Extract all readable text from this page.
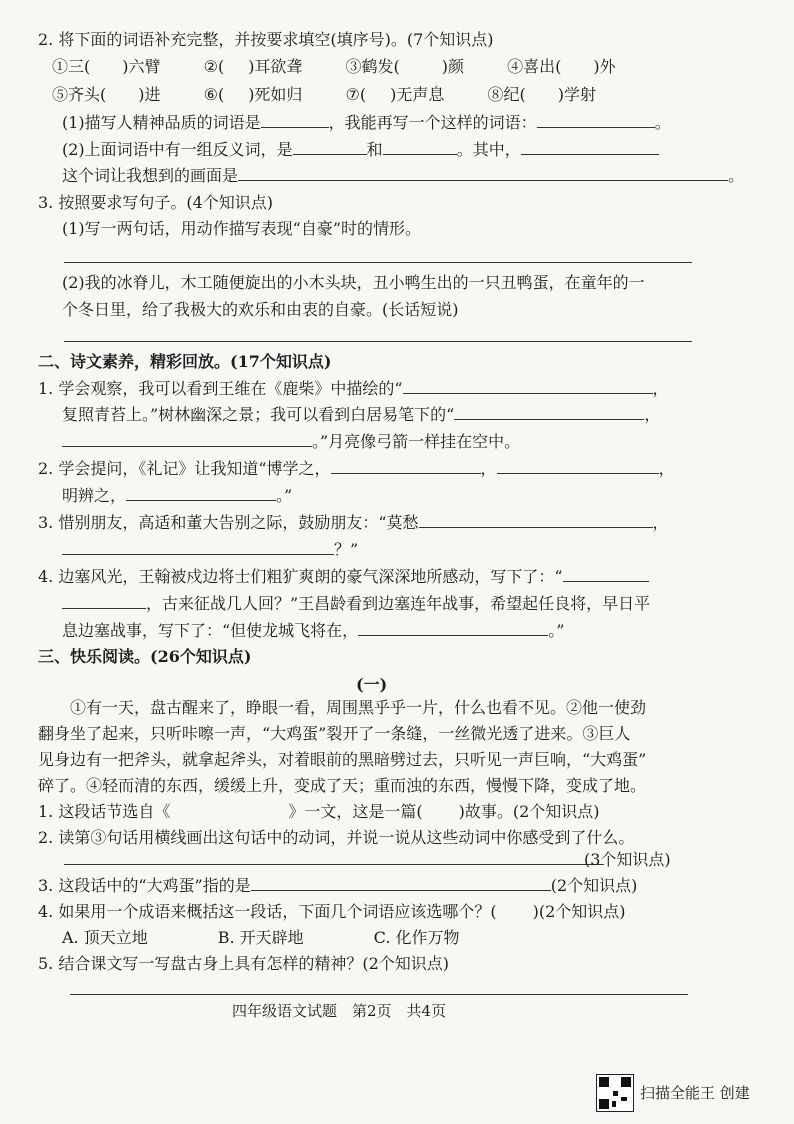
2. 将下面的词语补充完整，并按要求填空(填序号)。(7个知识点)
①三( )六臂	②( )耳欲聋	③鹤发(	)颜	④喜出( )外
⑤齐头( )进	⑥( )死如归	⑦( )无声息	⑧纪( )学射
(1)描写人精神品质的词语是	，我能再写一个这样的词语：	。
(2)上面词语中有一组反义词，是	和	。其中，
这个词让我想到的画面是	。
3. 按照要求写句子。(4个知识点)
(1)写一两句话，用动作描写表现“自豪”时的情形。
(2)我的冰脊儿，木工随便旋出的小木头块，丑小鸭生出的一只丑鸭蛋，在童年的一
个冬日里，给了我极大的欢乐和由衷的自豪。(长话短说)
二、诗文素养，精彩回放。(17个知识点)
1. 学会观察，我可以看到王维在《鹿柴》中描绘的“	，
复照青苔上。”树林幽深之景；我可以看到白居易笔下的“	，
。”月亮像弓箭一样挂在空中。
2. 学会提问，《礼记》让我知道“博学之，	，	，
明辨之，	。”
3. 惜别朋友，高适和董大告别之际，鼓励朋友：“莫愁	，
？”
4. 边塞风光，王翰被戍边将士们粗犷爽朗的豪气深深地所感动，写下了：“
，古来征战几人回？”王昌龄看到边塞连年战事，希望起任良将，早日平
息边塞战事，写下了：“但使龙城飞将在，	。”
三、快乐阅读。(26个知识点)
(一)
①有一天，盘古醒来了，睁眼一看，周围黑乎乎一片，什么也看不见。②他一使劲
翻身坐了起来，只听咔嚓一声，“大鸡蛋”裂开了一条缝，一丝微光透了进来。③巨人
见身边有一把斧头，就拿起斧头，对着眼前的黑暗劈过去，只听见一声巨响，“大鸡蛋”
碎了。④轻而清的东西，缓缓上升，变成了天；重而浊的东西，慢慢下降，变成了地。
1. 这段话节选自《	》一文，这是一篇( )故事。(2个知识点)
2. 读第③句话用横线画出这句话中的动词，并说一说从这些动词中你感受到了什么。
(3个知识点)
3. 这段话中的“大鸡蛋”指的是	(2个知识点)
4. 如果用一个成语来概括这一段话，下面几个词语应该选哪个？( )(2个知识点)
A. 顶天立地	B. 开天辟地	C. 化作万物
5. 结合课文写一写盘古身上具有怎样的精神？(2个知识点)
四年级语文试题　第2页　共4页
扫描全能王 创建
